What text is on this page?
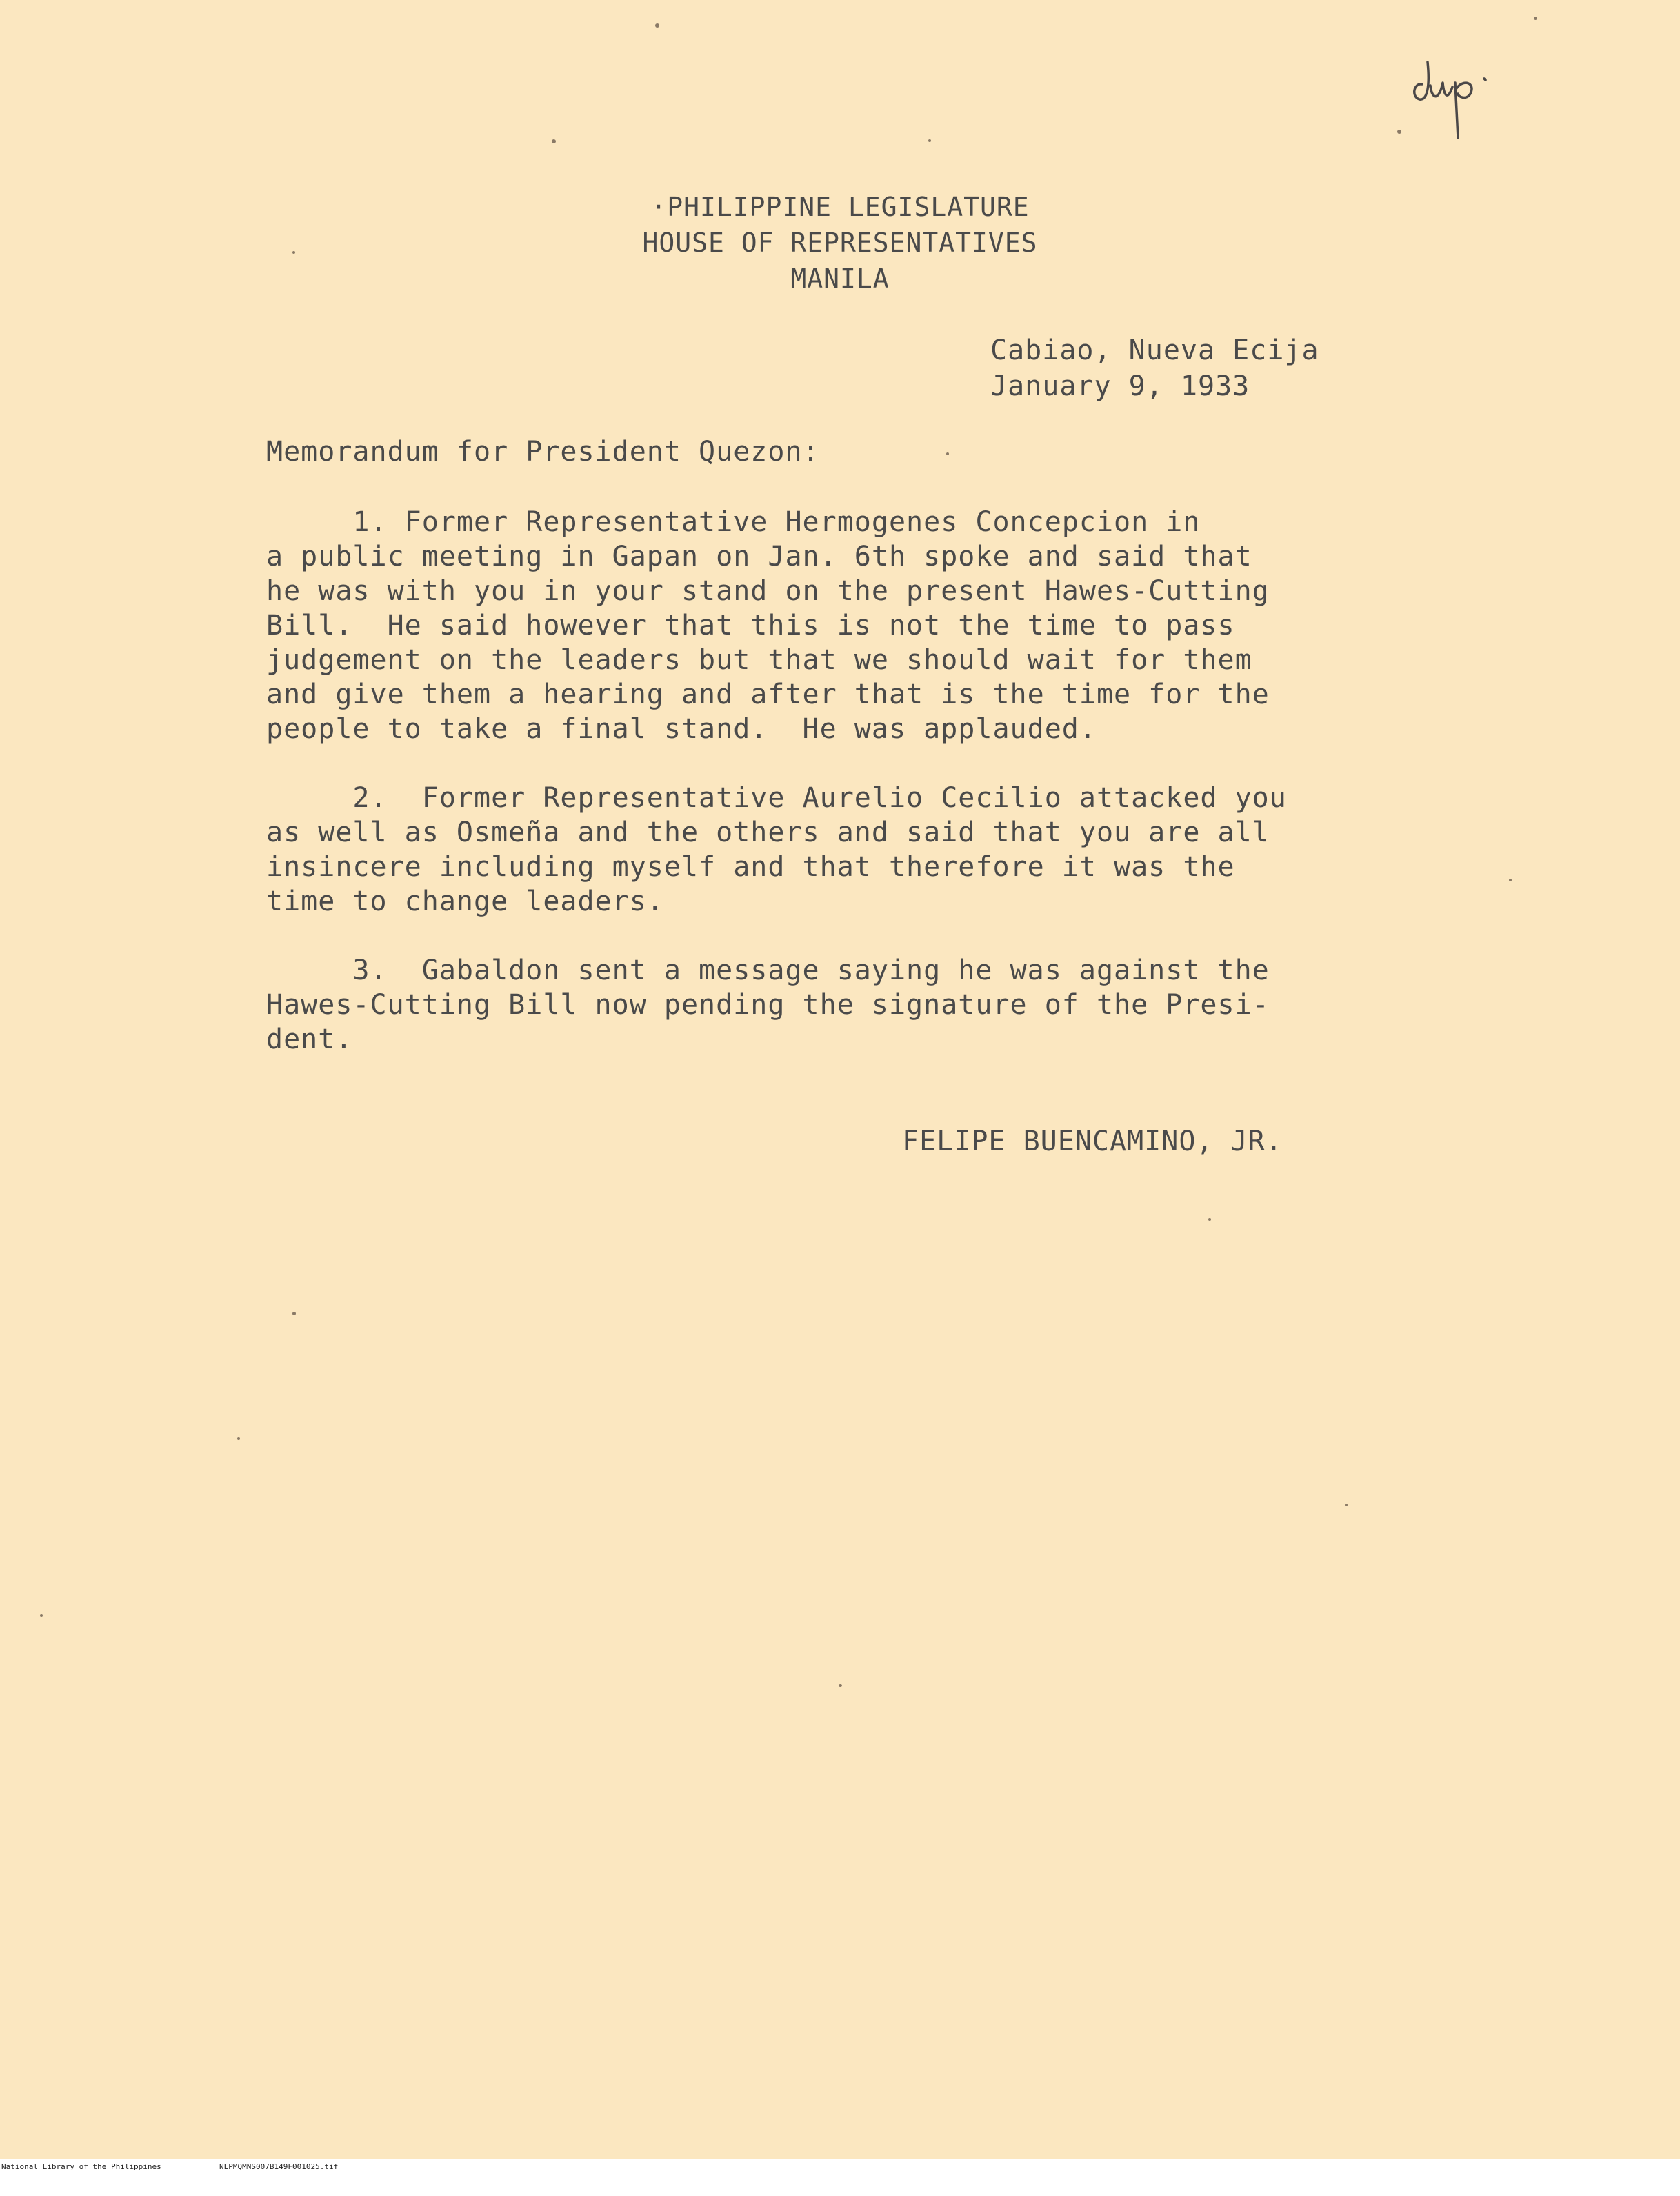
·PHILIPPINE LEGISLATURE
HOUSE OF REPRESENTATIVES
MANILA
Cabiao, Nueva Ecija
January 9, 1933
Memorandum for President Quezon:
1. Former Representative Hermogenes Concepcion in
a public meeting in Gapan on Jan. 6th spoke and said that
he was with you in your stand on the present Hawes-Cutting
Bill.  He said however that this is not the time to pass
judgement on the leaders but that we should wait for them
and give them a hearing and after that is the time for the
people to take a final stand.  He was applauded.
2.  Former Representative Aurelio Cecilio attacked you
as well as Osmeña and the others and said that you are all
insincere including myself and that therefore it was the
time to change leaders.
3.  Gabaldon sent a message saying he was against the
Hawes-Cutting Bill now pending the signature of the Presi-
dent.
FELIPE BUENCAMINO, JR.

National Library of the Philippines

	NLPMQMNS007B149F001025.tif
